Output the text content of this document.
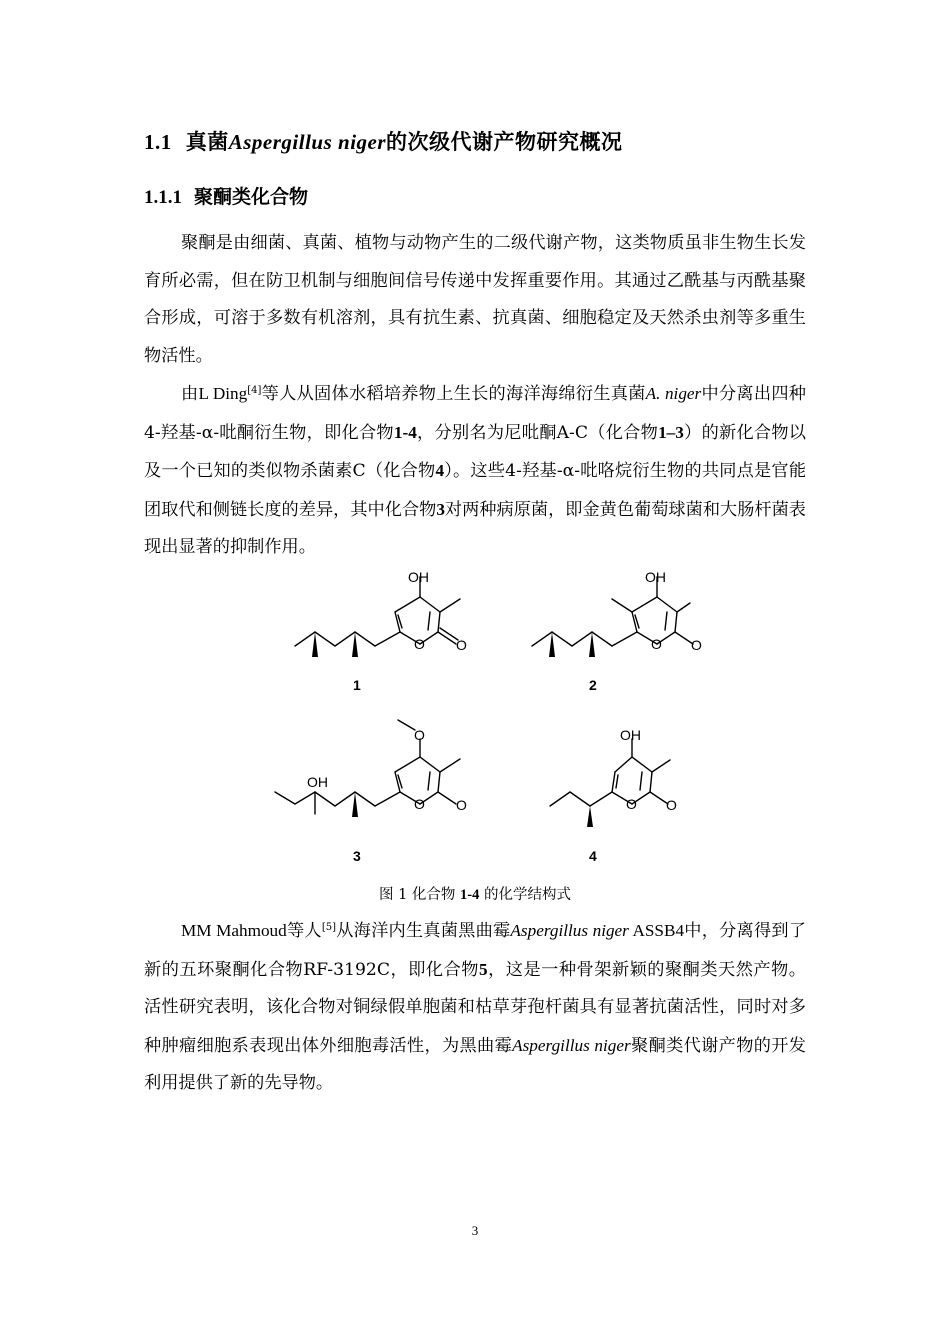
1.1 真菌Aspergillus niger的次级代谢产物研究概况
1.1.1 聚酮类化合物

聚酮是由细菌、真菌、植物与动物产生的二级代谢产物，这类物质虽非生物生长发育所必需，但在防卫机制与细胞间信号传递中发挥重要作用。其通过乙酰基与丙酰基聚合形成，可溶于多数有机溶剂，具有抗生素、抗真菌、细胞稳定及天然杀虫剂等多重生物活性。

由L Ding[4]等人从固体水稻培养物上生长的海洋海绵衍生真菌A. niger中分离出四种4-羟基-α-吡酮衍生物，即化合物1-4，分别名为尼吡酮A-C（化合物1–3）的新化合物以及一个已知的类似物杀菌素C（化合物4）。这些4-羟基-α-吡咯烷衍生物的共同点是官能团取代和侧链长度的差异，其中化合物3对两种病原菌，即金黄色葡萄球菌和大肠杆菌表现出显著的抑制作用。

OH
O O
OH
O O
O
O O
OH
OH
O O
1	2
3	4
图 1 化合物 1-4 的化学结构式

MM Mahmoud等人[5]从海洋内生真菌黑曲霉Aspergillus niger ASSB4中，分离得到了新的五环聚酮化合物RF-3192C，即化合物5，这是一种骨架新颖的聚酮类天然产物。活性研究表明，该化合物对铜绿假单胞菌和枯草芽孢杆菌具有显著抗菌活性，同时对多种肿瘤细胞系表现出体外细胞毒活性，为黑曲霉Aspergillus niger聚酮类代谢产物的开发利用提供了新的先导物。

3
